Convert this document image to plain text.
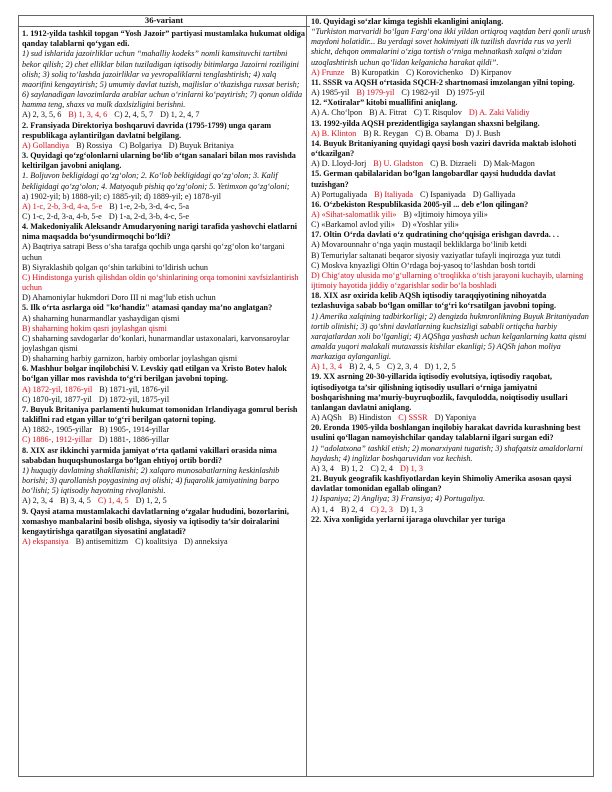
36-variant
1. 1912-yilda tashkil topgan “Yosh Jazoir” partiyasi mustamlaka hukumat oldiga qanday talablarni qo‘ygan edi.
1) sud ishlarida jazoirliklar uchun “mahalliy kodeks” nomli kamsituvchi tartibni bekor qilish; 2) chet elliklar bilan tuziladigan iqtisodiy bitimlarga Jazoirni roziligini olish; 3) soliq to‘lashda jazoirliklar va yevropaliklarni tenglashtirish; 4) xalq maorifini kengaytirish; 5) umumiy davlat tuzish, majlislar o‘tkazishga ruxsat berish; 6) saylanadigan lavozimlarda arablar uchun o‘rinlarni ko‘paytirish; 7) qonun oldida hamma teng, shaxs va mulk daxlsizligini berishni.
A) 2, 3, 5, 6 B) 1, 3, 4, 6 C) 2, 4, 5, 7 D) 1, 2, 4, 7
2. Fransiyada Direktoriya boshqaruvi davrida (1795-1799) unga qaram respublikaga aylantirilgan davlatni belgilang.
A) Gollandiya B) Rossiya C) Bolgariya D) Buyuk Britaniya
3. Quyidagi qo‘zg‘olonlarni ularning bo‘lib o‘tgan sanalari bilan mos ravishda keltirilgan javobni aniqlang.
1. Boljuvon bekligidagi qo‘zg‘olon; 2. Ko‘lob bekligidagi qo‘zg‘olon; 3. Kalif bekligidagi qo‘zg‘olon; 4. Matyoqub pishiq qo‘zg‘oloni; 5. Yetimxon qo‘zg‘oloni;
a) 1902-yil; b) 1888-yil; c) 1885-yil; d) 1889-yil; e) 1878-yil
A) 1-c, 2-b, 3-d, 4-a, 5-e B) 1-e, 2-b, 3-d, 4-c, 5-a
C) 1-c, 2-d, 3-a, 4-b, 5-e D) 1-a, 2-d, 3-b, 4-c, 5-e
4. Makedoniyalik Aleksandr Amudaryoning narigi tarafida yashovchi elatlarni nima maqsadda bo‘ysundirmoqchi bo‘ldi?
A) Baqtriya satrapi Bess o‘sha tarafga qochib unga qarshi qo‘zg‘olon ko‘targani uchun
B) Siyraklashib qolgan qo‘shin tarkibini to‘ldirish uchun
C) Hindistonga yurish qilishdan oldin qo‘shinlarining orqa tomonini xavfsizlantirish uchun
D) Ahamoniylar hukmdori Doro III ni mag‘lub etish uchun
5. Ilk o‘rta asrlarga oid "ko‘handiz" atamasi qanday ma’no anglatgan?
A) shaharning hunarmandlar yashaydigan qismi
B) shaharning hokim qasri joylashgan qismi
C) shaharning savdogarlar do‘konlari, hunarmandlar ustaxonalari, karvonsaroylar joylashgan qismi
D) shaharning harbiy garnizon, harbiy omborlar joylashgan qismi
6. Mashhur bolgar inqilobchisi V. Levskiy qatl etilgan va Xristo Botev halok bo‘lgan yillar mos ravishda to‘g‘ri berilgan javobni toping.
A) 1872-yil, 1876-yil B) 1871-yil, 1876-yil
C) 1870-yil, 1877-yil D) 1872-yil, 1875-yil
7. Buyuk Britaniya parlamenti hukumat tomonidan Irlandiyaga gomrul berish takliflni rad etgan yillar to‘g‘ri berilgan qatorni toping.
A) 1882-, 1905-yillar B) 1905-, 1914-yillar
C) 1886-, 1912-yillar D) 1881-, 1886-yillar
8. XIX asr ikkinchi yarmida jamiyat o‘rta qatlami vakillari orasida nima sababdan huquqshunoslarga bo‘lgan ehtiyoj ortib bordi?
1) huquqiy davlatning shakllanishi; 2) xalqaro munosabatlarning keskinlashib borishi; 3) qurollanish poygasining avj olishi; 4) fuqarolik jamiyatining barpo bo‘lishi; 5) iqtisodiy hayotning rivojlanishi.
A) 2, 3, 4 B) 3, 4, 5 C) 1, 4, 5 D) 1, 2, 5
9. Qaysi atama mustamlakachi davlatlarning o‘zgalar hududini, bozorlarini, xomashyo manbalarini bosib olishga, siyosiy va iqtisodiy ta’sir doiralarini kengaytirishga qaratilgan siyosatini anglatadi?
A) ekspansiya B) antisemitizm C) koalitsiya D) anneksiya
10. Quyidagi so‘zlar kimga tegishli ekanligini aniqlang.
“Turkiston marvaridi bo‘lgan Farg‘ona ikki yildan ortiqroq vaqtdan beri qonli urush maydoni holatidir... Bu yerdagi sovet hokimiyati ilk tuzilish davrida rus va yerli shicht, dehqon ommalarini o‘ziga tortish o‘rniga mehnatkash xalqni o‘zidan uzoqlashtirish uchun qo‘lidan kelganicha harakat qildi”.
A) Frunze B) Kuropatkin C) Korovichenko D) Kirpanov
11. SSSR va AQSH o‘rtasida SQCH-2 shartnomasi imzolangan yilni toping.
A) 1985-yil B) 1979-yil C) 1982-yil D) 1975-yil
12. “Xotiralar” kitobi muallifini aniqlang.
A) A. Cho‘lpon B) A. Fitrat C) T. Risqulov D) A. Zaki Validiy
13. 1992-yilda AQSH prezidentligiga saylangan shaxsni belgilang.
A) B. Klinton B) R. Reygan C) B. Obama D) J. Bush
14. Buyuk Britaniyaning quyidagi qaysi bosh vaziri davrida maktab islohoti o‘tkazilgan?
A) D. Lloyd-Jorj B) U. Gladston C) B. Dizraeli D) Mak-Magon
15. German qabilalaridan bo‘lgan langobardlar qaysi hududda davlat tuzishgan?
A) Portugaliyada B) Italiyada C) Ispaniyada D) Galliyada
16. O‘zbekiston Respublikasida 2005-yil ... deb e’lon qilingan?
A) «Sihat-salomatlik yili» B) «Ijtimoiy himoya yili»
C) «Barkamol avlod yili» D) «Yoshlar yili»
17. Oltin O‘rda davlati o‘z qudratining cho‘qqisiga erishgan davrda. . .
A) Movarounnahr o‘nga yaqin mustaqil bekliklarga bo‘linib ketdi
B) Temuriylar saltanati beqaror siyosiy vaziyatlar tufayli inqirozga yuz tutdi
C) Moskva knyazligi Oltin O‘rdaga boj-yasoq to‘lashdan bosh tortdi
D) Chig‘atoy ulusida mo‘g‘ullarning o‘troqlikka o‘tish jarayoni kuchayib, ularning ijtimoiy hayotida jiddiy o‘zgarishlar sodir bo‘la boshladi
18. XIX asr oxirida kelib AQSh iqtisodiy taraqqiyotining nihoyatda tezlashuviga sabab bo‘lgan omillar to‘g‘ri ko‘rsatilgan javobni toping.
1) Amerika xalqining tadbirkorligi; 2) dengizda hukmronlikning Buyuk Britaniyadan tortib olinishi; 3) qo‘shni davlatlarning kuchsizligi sababli ortiqcha harbiy xarajatlardan xoli bo‘lganligi; 4) AQShga yashash uchun kelganlarning katta qismi amalda yuqori malakali mutaxassis kishilar ekanligi; 5) AQSh jahon moliya markaziga aylanganligi.
A) 1, 3, 4 B) 2, 4, 5 C) 2, 3, 4 D) 1, 2, 5
19. XX asrning 20-30-yillarida iqtisodiy evolutsiya, iqtisodiy raqobat, iqtisodiyotga ta’sir qilishning iqtisodiy usullari o‘rniga jamiyatni boshqarishning ma’muriy-buyruqbozlik, favqulodda, noiqtisodiy usullari tanlangan davlatni aniqlang.
A) AQSh B) Hindiston C) SSSR D) Yaponiya
20. Eronda 1905-yilda boshlangan inqilobiy harakat davrida kurashning best usulini qo‘llagan namoyishchilar qanday talablarni ilgari surgan edi?
1) “adolatxona” tashkil etish; 2) monarxiyani tugatish; 3) shafqatsiz amaldorlarni haydash; 4) inglizlar boshqaruvidan voz kechish.
A) 3, 4 B) 1, 2 C) 2, 4 D) 1, 3
21. Buyuk geografik kashfiyotlardan keyin Shimoliy Amerika asosan qaysi davlatlar tomonidan egallab olingan?
1) Ispaniya; 2) Angliya; 3) Fransiya; 4) Portugaliya.
A) 1, 4 B) 2, 4 C) 2, 3 D) 1, 3
22. Xiva xonligida yerlarni ijaraga oluvchilar yer turiga
